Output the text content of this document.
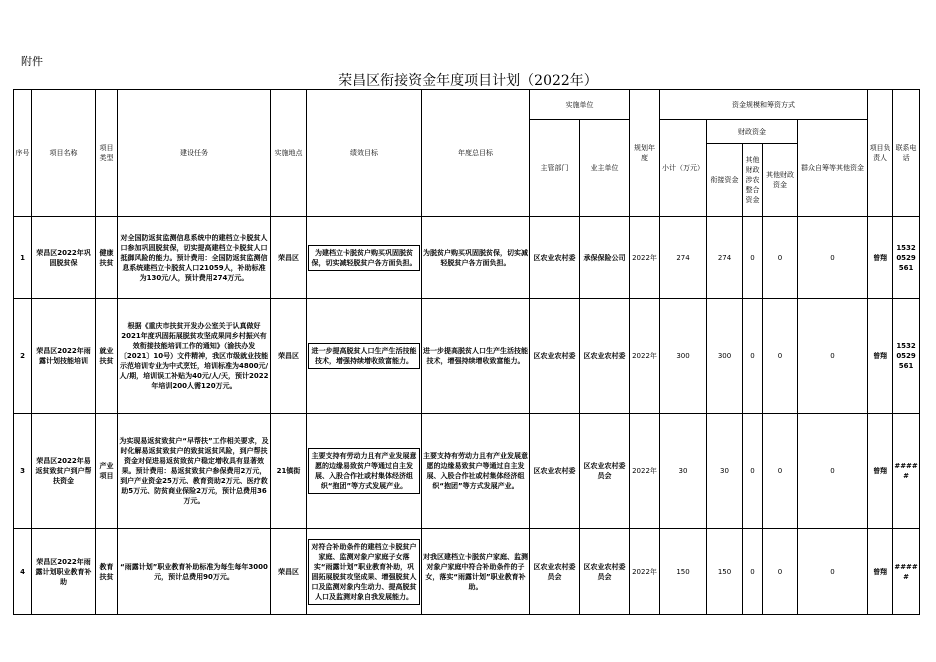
附件
荣昌区衔接资金年度项目计划（2022年）
序号	项目名称	项目类型	建设任务	实施地点	绩效目标	年度总目标	实施单位		规划年度	资金规模和筹资方式					项目负责人	联系电话
							主管部门	业主单位		小计（万元）	财政资金			群众自筹等其他资金		
											衔接资金	其他财政涉农整合资金	其他财政资金			
1	荣昌区2022年巩固脱贫保	健康扶贫	对全国防返贫监测信息系统中的建档立卡脱贫人口参加巩固脱贫保，切实提高建档立卡脱贫人口抵御风险的能力。预计费用：全国防返贫监测信息系统建档立卡脱贫人口21059人，补助标准为130元/人，预计费用274万元。	荣昌区	为建档立卡脱贫户购买巩固脱贫保，切实减轻脱贫户各方面负担。	为脱贫户购买巩固脱贫保，切实减轻脱贫户各方面负担。	区农业农村委	承保保险公司	2022年	274	274	0	0	0	曾翔	15320529561
2	荣昌区2022年雨露计划技能培训	就业扶贫	根据《重庆市扶贫开发办公室关于认真做好2021年度巩固拓展脱贫攻坚成果同乡村振兴有效衔接技能培训工作的通知》（渝扶办发〔2021〕10号）文件精神，我区市级就业技能示范培训专业为中式烹饪，培训标准为4800元/人/期，培训误工补贴为40元/人/天，预计2022年培训200人需120万元。	荣昌区	进一步提高脱贫人口生产生活技能技术，增强持续增收致富能力。	进一步提高脱贫人口生产生活技能技术，增强持续增收致富能力。	区农业农村委	区农业农村委	2022年	300	300	0	0	0	曾翔	15320529561
3	荣昌区2022年易返贫致贫户到户帮扶资金	产业项目	为实现易返贫致贫户“早帮扶”工作相关要求，及时化解易返贫致贫户的致贫返贫风险，到户帮扶资金对促进易返贫致贫户稳定增收具有显著效果。预计费用：易返贫致贫户参保费用2万元，到户产业资金25万元、教育资助2万元、医疗救助5万元、防贫商业保险2万元，预计总费用36万元。	21镇街	主要支持有劳动力且有产业发展意愿的边缘易致贫户等通过自主发展、入股合作社或村集体经济组织“抱团”等方式发展产业。	主要支持有劳动力且有产业发展意愿的边缘易致贫户等通过自主发展、入股合作社或村集体经济组织“抱团”等方式发展产业。	区农业农村委	区农业农村委员会	2022年	30	30	0	0	0	曾翔	#####
4	荣昌区2022年雨露计划职业教育补助	教育扶贫	“雨露计划”职业教育补助标准为每生每年3000元，预计总费用90万元。	荣昌区	对符合补助条件的建档立卡脱贫户家庭、监测对象户家庭子女落实“雨露计划”职业教育补助，巩固拓展脱贫攻坚成果、增强脱贫人口及监测对象内生动力、提高脱贫人口及监测对象自我发展能力。	对我区建档立卡脱贫户家庭、监测对象户家庭中符合补助条件的子女，落实“雨露计划”职业教育补助。	区农业农村委员会	区农业农村委员会	2022年	150	150	0	0	0	曾翔	#####
